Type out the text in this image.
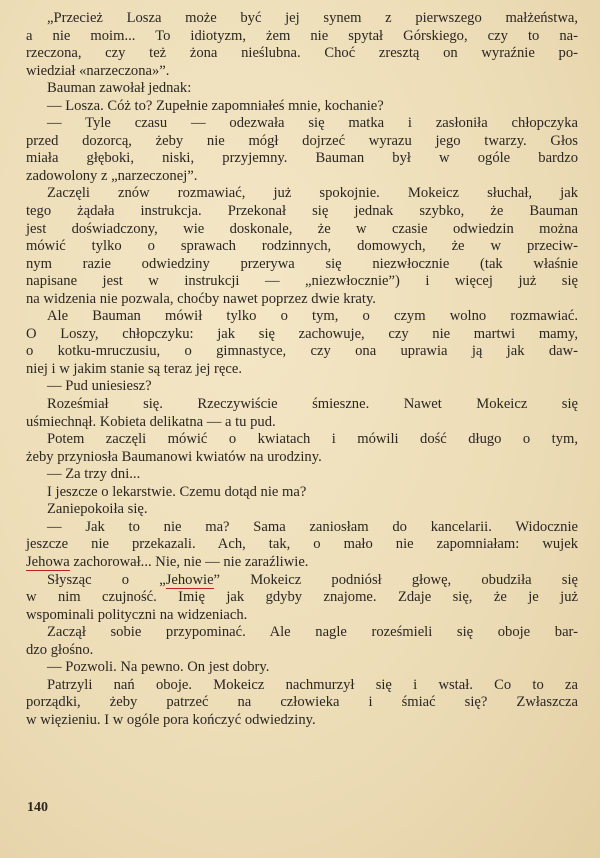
„Przecież Losza może być jej synem z pierwszego małżeństwa,
a nie moim... To idiotyzm, żem nie spytał Górskiego, czy to na-
rzeczona, czy też żona nieślubna. Choć zresztą on wyraźnie po-
wiedział «narzeczona»”.
Bauman zawołał jednak:
— Losza. Cóż to? Zupełnie zapomniałeś mnie, kochanie?
— Tyle czasu — odezwała się matka i zasłoniła chłopczyka
przed dozorcą, żeby nie mógł dojrzeć wyrazu jego twarzy. Głos
miała głęboki, niski, przyjemny. Bauman był w ogóle bardzo
zadowolony z „narzeczonej”.
Zaczęli znów rozmawiać, już spokojnie. Mokeicz słuchał, jak
tego żądała instrukcja. Przekonał się jednak szybko, że Bauman
jest doświadczony, wie doskonale, że w czasie odwiedzin można
mówić tylko o sprawach rodzinnych, domowych, że w przeciw-
nym razie odwiedziny przerywa się niezwłocznie (tak właśnie
napisane jest w instrukcji — „niezwłocznie”) i więcej już się
na widzenia nie pozwala, choćby nawet poprzez dwie kraty.
Ale Bauman mówił tylko o tym, o czym wolno rozmawiać.
O Loszy, chłopczyku: jak się zachowuje, czy nie martwi mamy,
o kotku-mruczusiu, o gimnastyce, czy ona uprawia ją jak daw-
niej i w jakim stanie są teraz jej ręce.
— Pud uniesiesz?
Roześmiał się. Rzeczywiście śmieszne. Nawet Mokeicz się
uśmiechnął. Kobieta delikatna — a tu pud.
Potem zaczęli mówić o kwiatach i mówili dość długo o tym,
żeby przyniosła Baumanowi kwiatów na urodziny.
— Za trzy dni...
I jeszcze o lekarstwie. Czemu dotąd nie ma?
Zaniepokoiła się.
— Jak to nie ma? Sama zaniosłam do kancelarii. Widocznie
jeszcze nie przekazali. Ach, tak, o mało nie zapomniałam: wujek
Jehowa zachorował... Nie, nie — nie zaraźliwie.
Słysząc o „Jehowie” Mokeicz podniósł głowę, obudziła się
w nim czujność. Imię jak gdyby znajome. Zdaje się, że je już
wspominali polityczni na widzeniach.
Zaczął sobie przypominać. Ale nagle roześmieli się oboje bar-
dzo głośno.
— Pozwoli. Na pewno. On jest dobry.
Patrzyli nań oboje. Mokeicz nachmurzył się i wstał. Co to za
porządki, żeby patrzeć na człowieka i śmiać się? Zwłaszcza
w więzieniu. I w ogóle pora kończyć odwiedziny.
140
